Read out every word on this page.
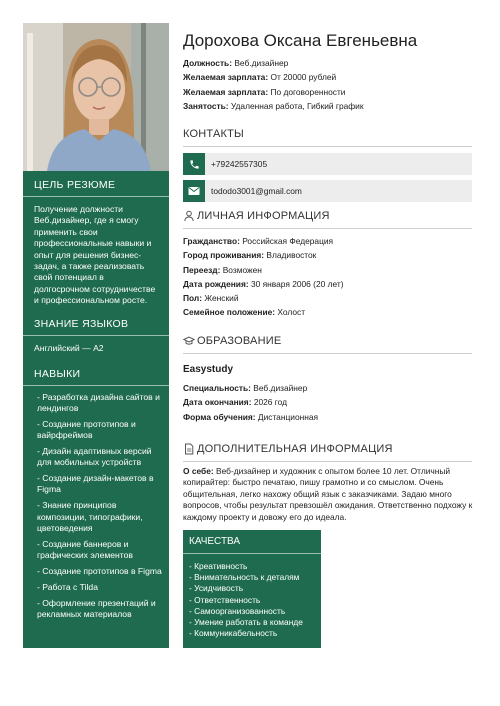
ЦЕЛЬ РЕЗЮМЕ
Получение должности Веб.дизайнер, где я смогу применить свои профессиональные навыки и опыт для решения бизнес-задач, а также реализовать свой потенциал в долгосрочном сотрудничестве и профессиональном росте.
ЗНАНИЕ ЯЗЫКОВ
Английский — A2
НАВЫКИ
- Разработка дизайна сайтов и лендингов
- Создание прототипов и вайрфреймов
- Дизайн адаптивных версий для мобильных устройств
- Создание дизайн-макетов в Figma
- Знание принципов композиции, типографики, цветоведения
- Создание баннеров и графических элементов
- Создание прототипов в Figma
- Работа с Tilda
- Оформление презентаций и рекламных материалов
Дорохова Оксана Евгеньевна
Должность: Веб.дизайнер
Желаемая зарплата: От 20000 рублей
Желаемая зарплата: По договоренности
Занятость: Удаленная работа, Гибкий график
КОНТАКТЫ
+79242557305
tododo3001@gmail.com
ЛИЧНАЯ ИНФОРМАЦИЯ
Гражданство: Российская Федерация
Город проживания: Владивосток
Переезд: Возможен
Дата рождения: 30 января 2006 (20 лет)
Пол: Женский
Семейное положение: Холост
ОБРАЗОВАНИЕ
Easystudy
Специальность: Веб.дизайнер
Дата окончания: 2026 год
Форма обучения: Дистанционная
ДОПОЛНИТЕЛЬНАЯ ИНФОРМАЦИЯ
О себе: Веб-дизайнер и художник с опытом более 10 лет. Отличный копирайтер: быстро печатаю, пишу грамотно и со смыслом. Очень общительная, легко нахожу общий язык с заказчиками. Задаю много вопросов, чтобы результат превзошёл ожидания. Ответственно подхожу к каждому проекту и довожу его до идеала.
КАЧЕСТВА
- Креативность
- Внимательность к деталям
- Усидчивость
- Ответственность
- Самоорганизованность
- Умение работать в команде
- Коммуникабельность
